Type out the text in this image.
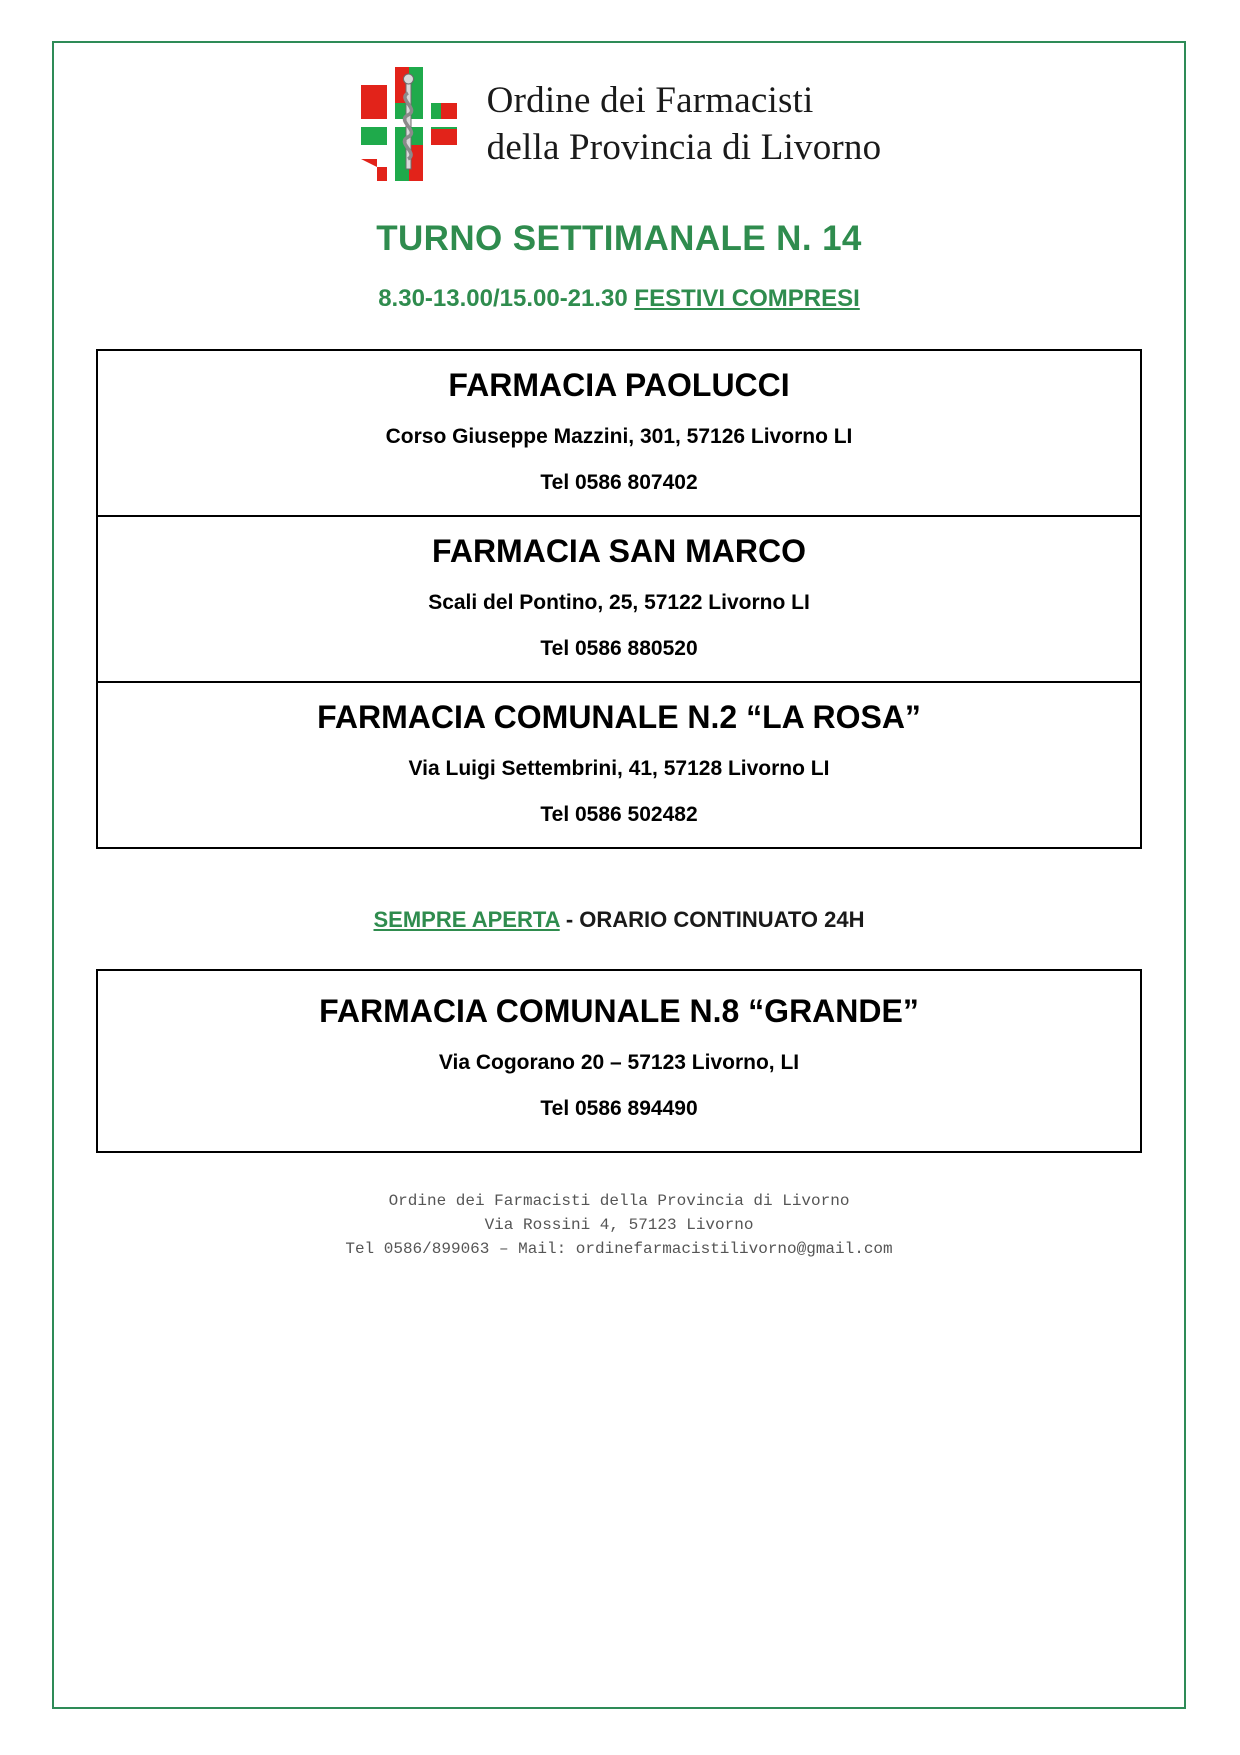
Ordine dei Farmacisti
della Provincia di Livorno
TURNO SETTIMANALE N. 14
8.30-13.00/15.00-21.30 FESTIVI COMPRESI
FARMACIA PAOLUCCI
Corso Giuseppe Mazzini, 301, 57126 Livorno LI
Tel 0586 807402
FARMACIA SAN MARCO
Scali del Pontino, 25, 57122 Livorno LI
Tel 0586 880520
FARMACIA COMUNALE N.2 “LA ROSA”
Via Luigi Settembrini, 41, 57128 Livorno LI
Tel 0586 502482
SEMPRE APERTA - ORARIO CONTINUATO 24H
FARMACIA COMUNALE N.8 “GRANDE”
Via Cogorano 20 – 57123 Livorno, LI
Tel 0586 894490
Ordine dei Farmacisti della Provincia di Livorno
Via Rossini 4, 57123 Livorno
Tel 0586/899063 – Mail: ordinefarmacistilivorno@gmail.com
